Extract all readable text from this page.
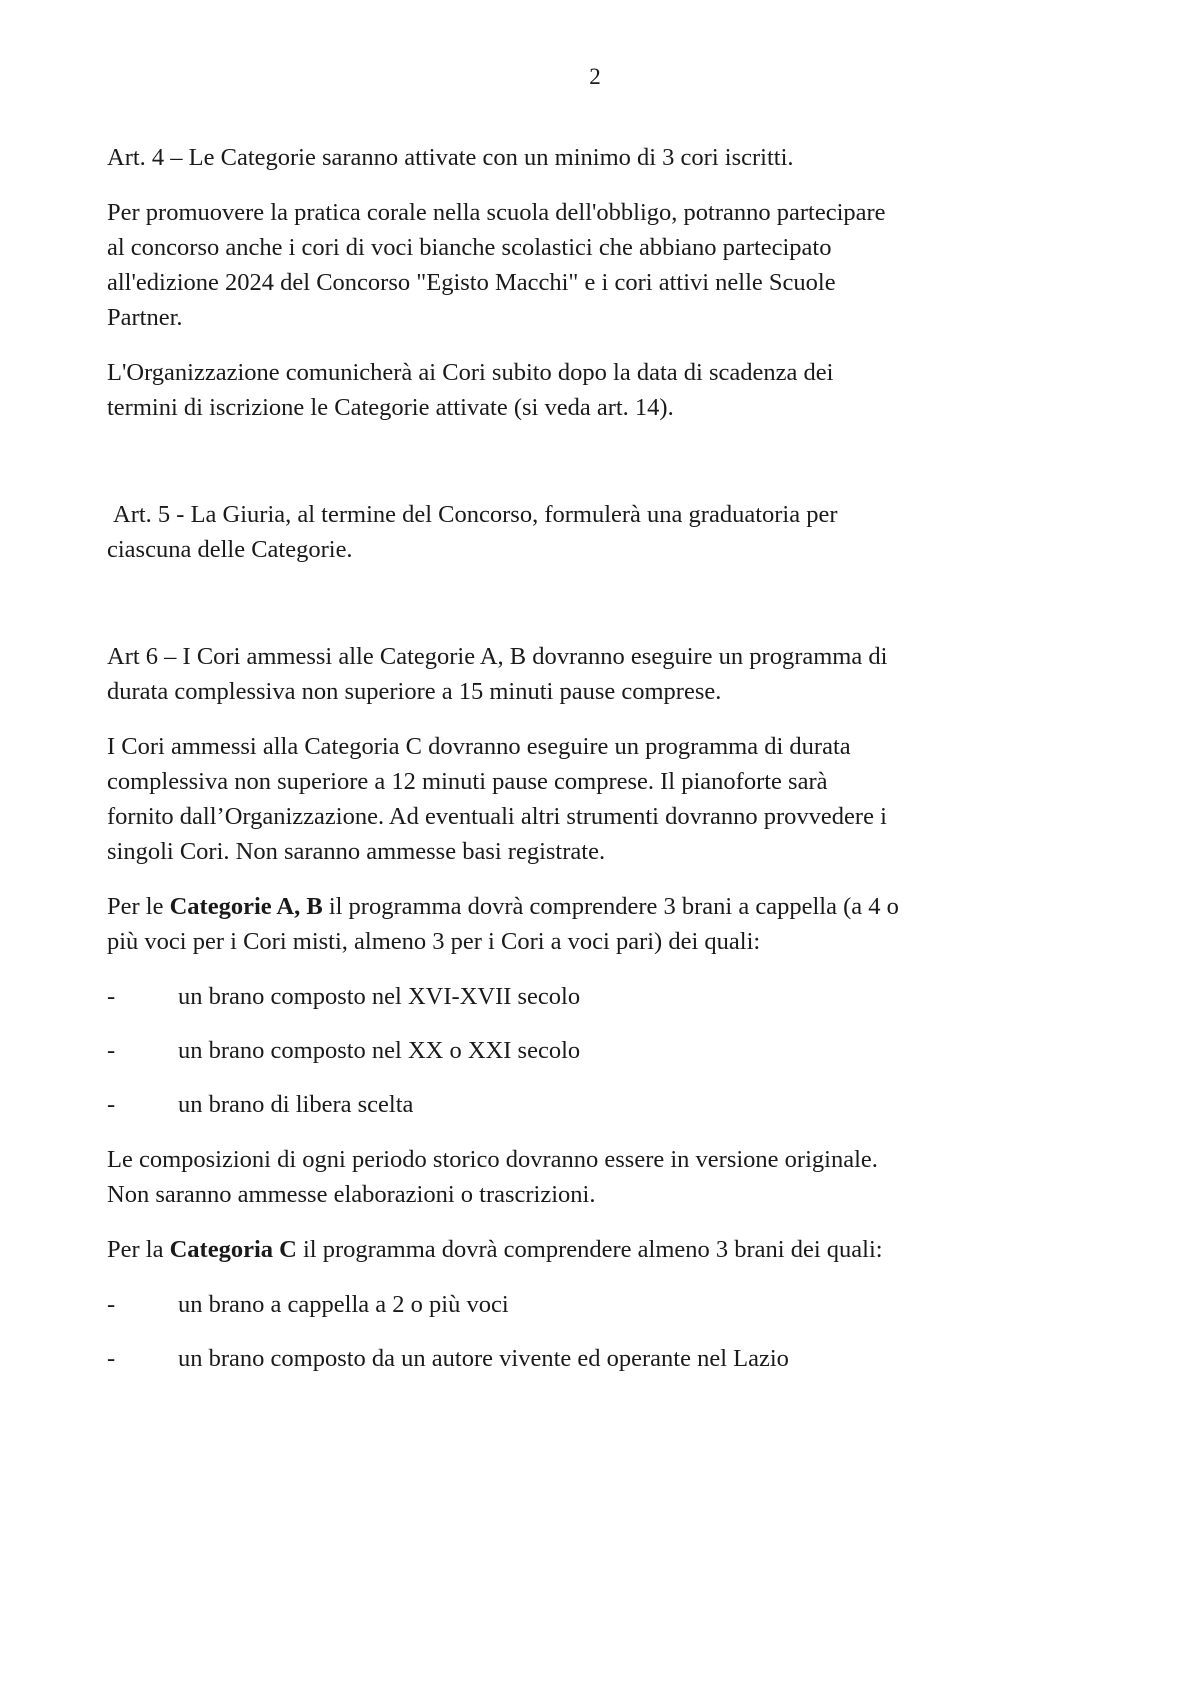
2

Art. 4 – Le Categorie saranno attivate con un minimo di 3 cori iscritti.

Per promuovere la pratica corale nella scuola dell'obbligo, potranno partecipare
al concorso anche i cori di voci bianche scolastici che abbiano partecipato
all'edizione 2024 del Concorso "Egisto Macchi" e i cori attivi nelle Scuole
Partner.
L'Organizzazione comunicherà ai Cori subito dopo la data di scadenza dei
termini di iscrizione le Categorie attivate (si veda art. 14).
Art. 5 - La Giuria, al termine del Concorso, formulerà una graduatoria per
ciascuna delle Categorie.
Art 6 – I Cori ammessi alle Categorie A, B dovranno eseguire un programma di
durata complessiva non superiore a 15 minuti pause comprese.
I Cori ammessi alla Categoria C dovranno eseguire un programma di durata
complessiva non superiore a 12 minuti pause comprese. Il pianoforte sarà
fornito dall’Organizzazione. Ad eventuali altri strumenti dovranno provvedere i
singoli Cori. Non saranno ammesse basi registrate.
Per le Categorie A, B il programma dovrà comprendere 3 brani a cappella (a 4 o
più voci per i Cori misti, almeno 3 per i Cori a voci pari) dei quali:
-	un brano composto nel XVI-XVII secolo
-	un brano composto nel XX o XXI secolo
-	un brano di libera scelta
Le composizioni di ogni periodo storico dovranno essere in versione originale.
Non saranno ammesse elaborazioni o trascrizioni.
Per la Categoria C il programma dovrà comprendere almeno 3 brani dei quali:
-	un brano a cappella a 2 o più voci
-	un brano composto da un autore vivente ed operante nel Lazio
